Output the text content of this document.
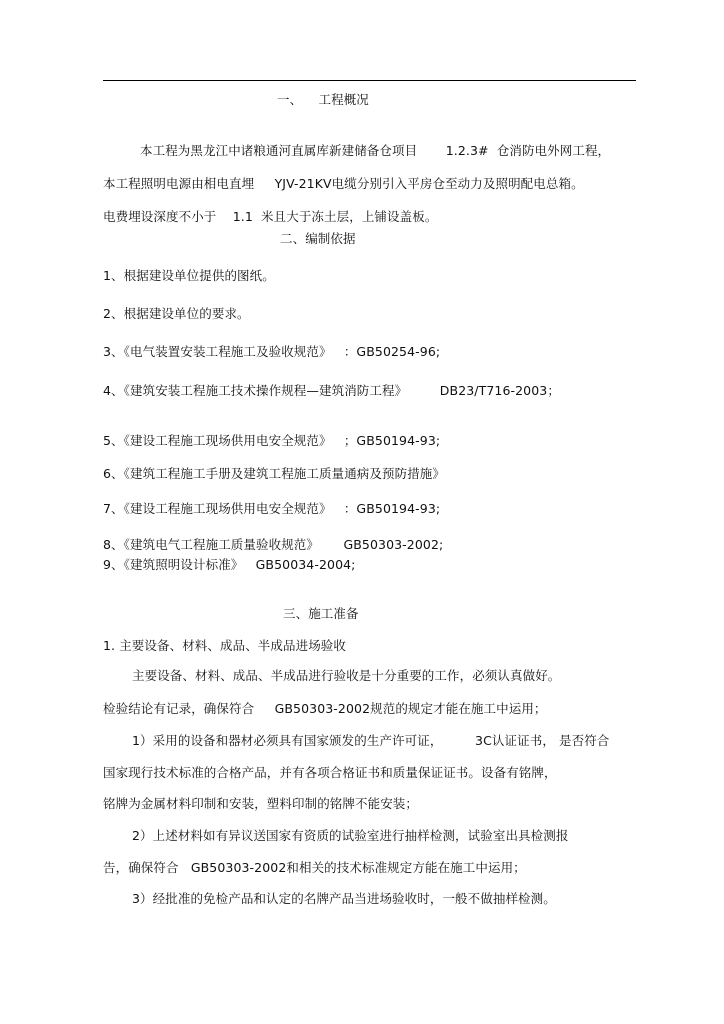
一、    工程概况
本工程为黑龙江中诸粮通河直属库新建储备仓项目       1.2.3#  仓消防电外网工程，
本工程照明电源由相电直埋     YJV-21KV电缆分别引入平房仓至动力及照明配电总箱。
电费埋设深度不小于    1.1  米且大于冻土层，上铺设盖板。
二、编制依据
1、根据建设单位提供的图纸。
2、根据建设单位的要求。
3、《电气装置安装工程施工及验收规范》   ：GB50254-96;
4、《建筑安装工程施工技术操作规程—建筑消防工程》        DB23/T716-2003；
5、《建设工程施工现场供用电安全规范》   ；GB50194-93;
6、《建筑工程施工手册及建筑工程施工质量通病及预防措施》
7、《建设工程施工现场供用电安全规范》   ：GB50194-93;
8、《建筑电气工程施工质量验收规范》      GB50303-2002;
9、《建筑照明设计标准》   GB50034-2004;
三、施工准备
1. 主要设备、材料、成品、半成品进场验收
主要设备、材料、成品、半成品进行验收是十分重要的工作，必须认真做好。
检验结论有记录，确保符合     GB50303-2002规范的规定才能在施工中运用；
1）采用的设备和器材必须具有国家颁发的生产许可证，        3C认证证书， 是否符合
国家现行技术标准的合格产品，并有各项合格证书和质量保证证书。设备有铭牌，
铭牌为金属材料印制和安装，塑料印制的铭牌不能安装；
2）上述材料如有异议送国家有资质的试验室进行抽样检测，试验室出具检测报
告，确保符合   GB50303-2002和相关的技术标准规定方能在施工中运用；
3）经批准的免检产品和认定的名牌产品当进场验收时，一般不做抽样检测。
